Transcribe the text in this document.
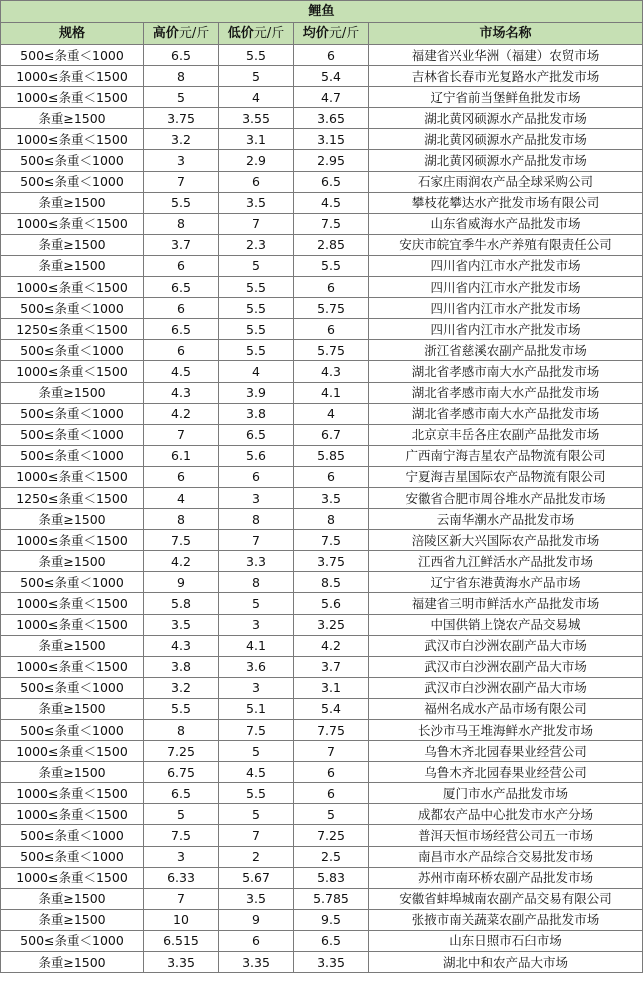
鲤鱼				
规格	高价元/斤	低价元/斤	均价元/斤	市场名称
500≤条重＜1000	6.5	5.5	6	福建省兴业华洲（福建）农贸市场
1000≤条重＜1500	8	5	5.4	吉林省长春市光复路水产批发市场
1000≤条重＜1500	5	4	4.7	辽宁省前当堡鲜鱼批发市场
条重≥1500	3.75	3.55	3.65	湖北黄冈硕源水产品批发市场
1000≤条重＜1500	3.2	3.1	3.15	湖北黄冈硕源水产品批发市场
500≤条重＜1000	3	2.9	2.95	湖北黄冈硕源水产品批发市场
500≤条重＜1000	7	6	6.5	石家庄雨润农产品全球采购公司
条重≥1500	5.5	3.5	4.5	攀枝花攀达水产批发市场有限公司
1000≤条重＜1500	8	7	7.5	山东省威海水产品批发市场
条重≥1500	3.7	2.3	2.85	安庆市皖宜季牛水产养殖有限责任公司
条重≥1500	6	5	5.5	四川省内江市水产批发市场
1000≤条重＜1500	6.5	5.5	6	四川省内江市水产批发市场
500≤条重＜1000	6	5.5	5.75	四川省内江市水产批发市场
1250≤条重＜1500	6.5	5.5	6	四川省内江市水产批发市场
500≤条重＜1000	6	5.5	5.75	浙江省慈溪农副产品批发市场
1000≤条重＜1500	4.5	4	4.3	湖北省孝感市南大水产品批发市场
条重≥1500	4.3	3.9	4.1	湖北省孝感市南大水产品批发市场
500≤条重＜1000	4.2	3.8	4	湖北省孝感市南大水产品批发市场
500≤条重＜1000	7	6.5	6.7	北京京丰岳各庄农副产品批发市场
500≤条重＜1000	6.1	5.6	5.85	广西南宁海吉星农产品物流有限公司
1000≤条重＜1500	6	6	6	宁夏海吉星国际农产品物流有限公司
1250≤条重＜1500	4	3	3.5	安徽省合肥市周谷堆水产品批发市场
条重≥1500	8	8	8	云南华潮水产品批发市场
1000≤条重＜1500	7.5	7	7.5	涪陵区新大兴国际农产品批发市场
条重≥1500	4.2	3.3	3.75	江西省九江鲜活水产品批发市场
500≤条重＜1000	9	8	8.5	辽宁省东港黄海水产品市场
1000≤条重＜1500	5.8	5	5.6	福建省三明市鲜活水产品批发市场
1000≤条重＜1500	3.5	3	3.25	中国供销上饶农产品交易城
条重≥1500	4.3	4.1	4.2	武汉市白沙洲农副产品大市场
1000≤条重＜1500	3.8	3.6	3.7	武汉市白沙洲农副产品大市场
500≤条重＜1000	3.2	3	3.1	武汉市白沙洲农副产品大市场
条重≥1500	5.5	5.1	5.4	福州名成水产品市场有限公司
500≤条重＜1000	8	7.5	7.75	长沙市马王堆海鲜水产批发市场
1000≤条重＜1500	7.25	5	7	乌鲁木齐北园春果业经营公司
条重≥1500	6.75	4.5	6	乌鲁木齐北园春果业经营公司
1000≤条重＜1500	6.5	5.5	6	厦门市水产品批发市场
1000≤条重＜1500	5	5	5	成都农产品中心批发市水产分场
500≤条重＜1000	7.5	7	7.25	普洱天恒市场经营公司五一市场
500≤条重＜1000	3	2	2.5	南昌市水产品综合交易批发市场
1000≤条重＜1500	6.33	5.67	5.83	苏州市南环桥农副产品批发市场
条重≥1500	7	3.5	5.785	安徽省蚌埠城南农副产品交易有限公司
条重≥1500	10	9	9.5	张掖市南关蔬菜农副产品批发市场
500≤条重＜1000	6.515	6	6.5	山东日照市石臼市场
条重≥1500	3.35	3.35	3.35	湖北中和农产品大市场
